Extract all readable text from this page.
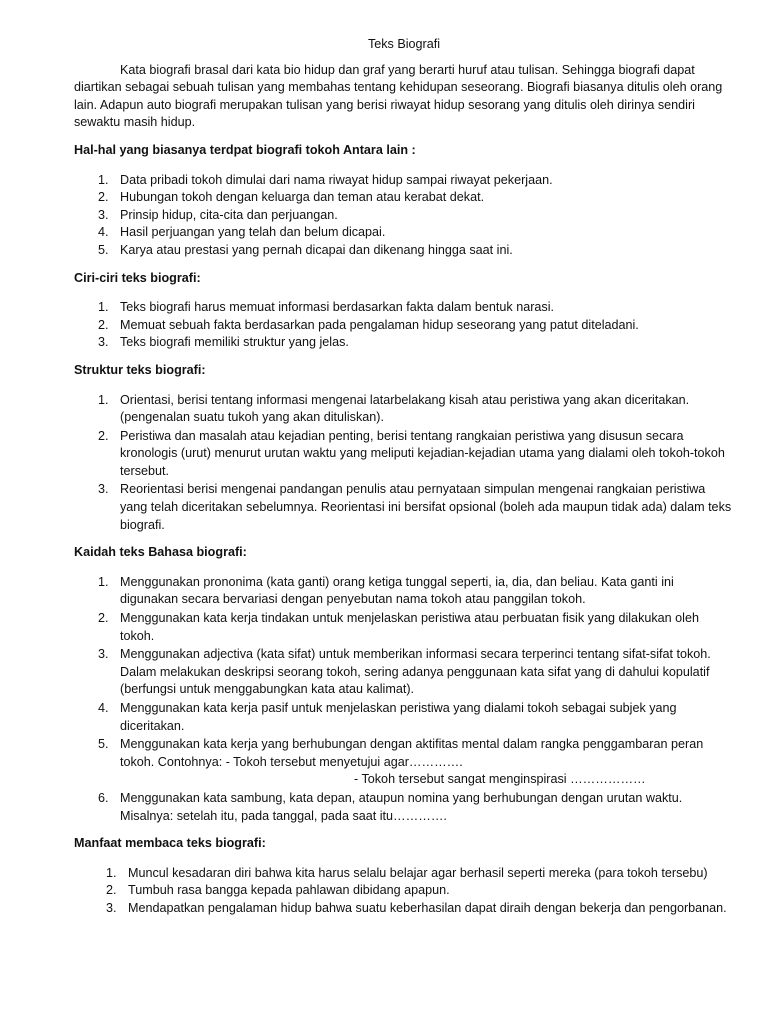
Teks Biografi

Kata biografi brasal dari kata bio hidup dan graf yang berarti huruf atau tulisan. Sehingga biografi dapat diartikan sebagai sebuah tulisan yang membahas tentang kehidupan seseorang. Biografi biasanya ditulis oleh orang lain. Adapun auto biografi merupakan tulisan yang berisi riwayat hidup sesorang yang ditulis oleh dirinya sendiri sewaktu masih hidup.

Hal-hal yang biasanya terdpat biografi tokoh Antara lain :
1. Data pribadi tokoh dimulai dari nama riwayat hidup sampai riwayat pekerjaan.
2. Hubungan tokoh dengan keluarga dan teman atau kerabat dekat.
3. Prinsip hidup, cita-cita dan perjuangan.
4. Hasil perjuangan yang telah dan belum dicapai.
5. Karya atau prestasi yang pernah dicapai dan dikenang hingga saat ini.
Ciri-ciri teks biografi:
1. Teks biografi harus memuat informasi berdasarkan fakta dalam bentuk narasi.
2. Memuat sebuah fakta berdasarkan pada pengalaman hidup seseorang yang patut diteladani.
3. Teks biografi memiliki struktur yang jelas.
Struktur teks biografi:
1. Orientasi, berisi tentang informasi mengenai latarbelakang kisah atau peristiwa yang akan diceritakan. (pengenalan suatu tukoh yang akan dituliskan).
2. Peristiwa dan masalah atau kejadian penting, berisi tentang rangkaian peristiwa yang disusun secara kronologis (urut) menurut urutan waktu yang meliputi kejadian-kejadian utama yang dialami oleh tokoh-tokoh tersebut.
3. Reorientasi berisi mengenai pandangan penulis atau pernyataan simpulan mengenai rangkaian peristiwa yang telah diceritakan sebelumnya. Reorientasi ini bersifat opsional (boleh ada maupun tidak ada) dalam teks biografi.
Kaidah teks Bahasa biografi:
1. Menggunakan prononima (kata ganti) orang ketiga tunggal seperti, ia, dia, dan beliau. Kata ganti ini digunakan secara bervariasi dengan penyebutan nama tokoh atau panggilan tokoh.
2. Menggunakan kata kerja tindakan untuk menjelaskan peristiwa atau perbuatan fisik yang dilakukan oleh tokoh.
3. Menggunakan adjectiva (kata sifat) untuk memberikan informasi secara terperinci tentang sifat-sifat tokoh. Dalam melakukan deskripsi seorang tokoh, sering adanya penggunaan kata sifat yang di dahului kopulatif (berfungsi untuk menggabungkan kata atau kalimat).
4. Menggunakan kata kerja pasif untuk menjelaskan peristiwa yang dialami tokoh sebagai subjek yang diceritakan.
5. Menggunakan kata kerja yang berhubungan dengan aktifitas mental dalam rangka penggambaran peran tokoh. Contohnya: - Tokoh tersebut menyetujui agar………….
- Tokoh tersebut sangat menginspirasi ………………
6. Menggunakan kata sambung, kata depan, ataupun nomina yang berhubungan dengan urutan waktu. Misalnya: setelah itu, pada tanggal, pada saat itu………….
Manfaat membaca teks biografi:
1. Muncul kesadaran diri bahwa kita harus selalu belajar agar berhasil seperti mereka (para tokoh tersebu)
2. Tumbuh rasa bangga kepada pahlawan dibidang apapun.
3. Mendapatkan pengalaman hidup bahwa suatu keberhasilan dapat diraih dengan bekerja dan pengorbanan.
